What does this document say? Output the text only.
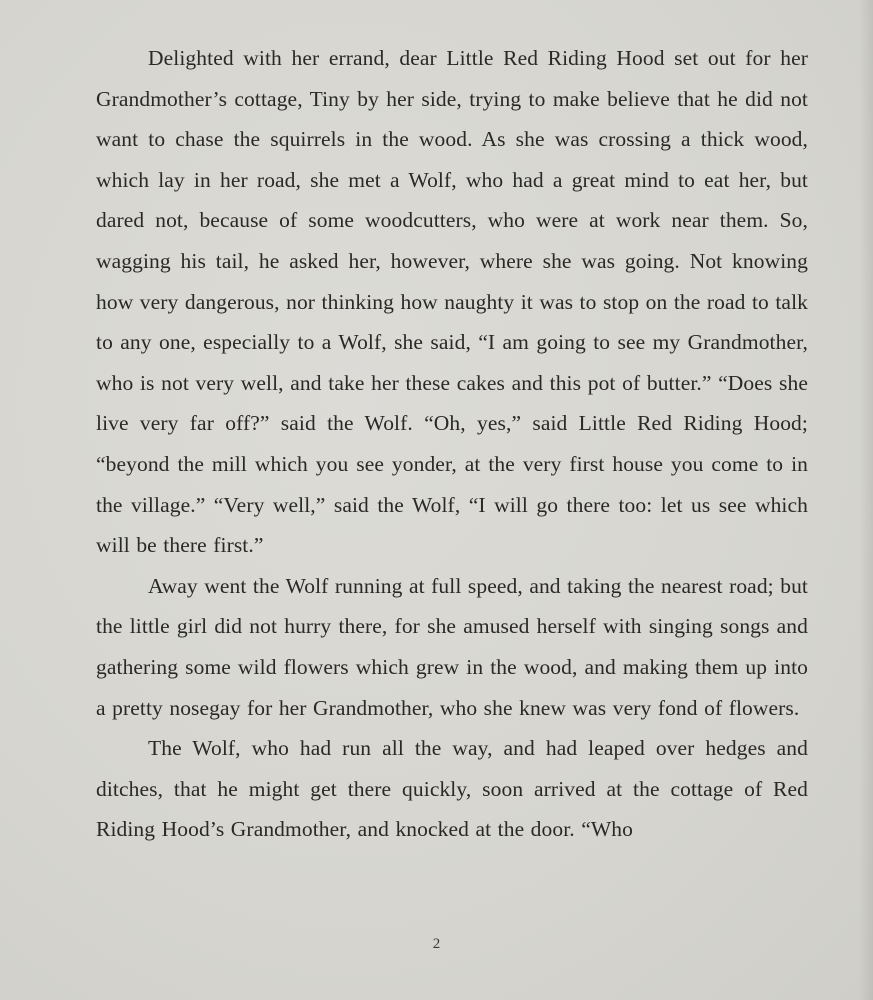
Delighted with her errand, dear Little Red Riding Hood set out for her Grandmother’s cottage, Tiny by her side, trying to make believe that he did not want to chase the squirrels in the wood. As she was crossing a thick wood, which lay in her road, she met a Wolf, who had a great mind to eat her, but dared not, because of some woodcutters, who were at work near them. So, wagging his tail, he asked her, however, where she was going. Not knowing how very dangerous, nor thinking how naughty it was to stop on the road to talk to any one, especially to a Wolf, she said, “I am going to see my Grandmother, who is not very well, and take her these cakes and this pot of butter.” “Does she live very far off?” said the Wolf. “Oh, yes,” said Little Red Riding Hood; “beyond the mill which you see yonder, at the very first house you come to in the village.” “Very well,” said the Wolf, “I will go there too: let us see which will be there first.”

Away went the Wolf running at full speed, and taking the nearest road; but the little girl did not hurry there, for she amused herself with singing songs and gathering some wild flowers which grew in the wood, and making them up into a pretty nosegay for her Grandmother, who she knew was very fond of flowers.

The Wolf, who had run all the way, and had leaped over hedges and ditches, that he might get there quickly, soon arrived at the cottage of Red Riding Hood’s Grandmother, and knocked at the door. “Who

2
